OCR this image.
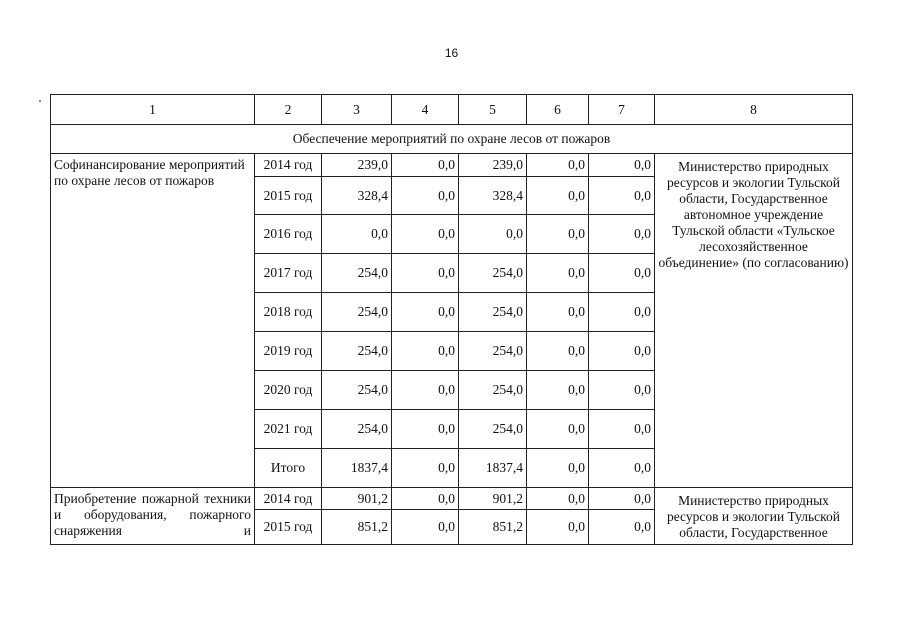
16
1	2	3	4	5	6	7	8
Обеспечение мероприятий по охране лесов от пожаров							
Софинансирование мероприятий по охране лесов от пожаров	2014 год	239,0	0,0	239,0	0,0	0,0	Министерство природных ресурсов и экологии Тульской области, Государственное автономное учреждение Тульской области «Тульское лесохозяйственное объединение» (по согласованию)
	2015 год	328,4	0,0	328,4	0,0	0,0	
	2016 год	0,0	0,0	0,0	0,0	0,0	
	2017 год	254,0	0,0	254,0	0,0	0,0	
	2018 год	254,0	0,0	254,0	0,0	0,0	
	2019 год	254,0	0,0	254,0	0,0	0,0	
	2020 год	254,0	0,0	254,0	0,0	0,0	
	2021 год	254,0	0,0	254,0	0,0	0,0	
	Итого	1837,4	0,0	1837,4	0,0	0,0	
Приобретение пожарной техники и оборудования, пожарного снаряжения и	2014 год	901,2	0,0	901,2	0,0	0,0	Министерство природных ресурсов и экологии Тульской области, Государственное
	2015 год	851,2	0,0	851,2	0,0	0,0	
